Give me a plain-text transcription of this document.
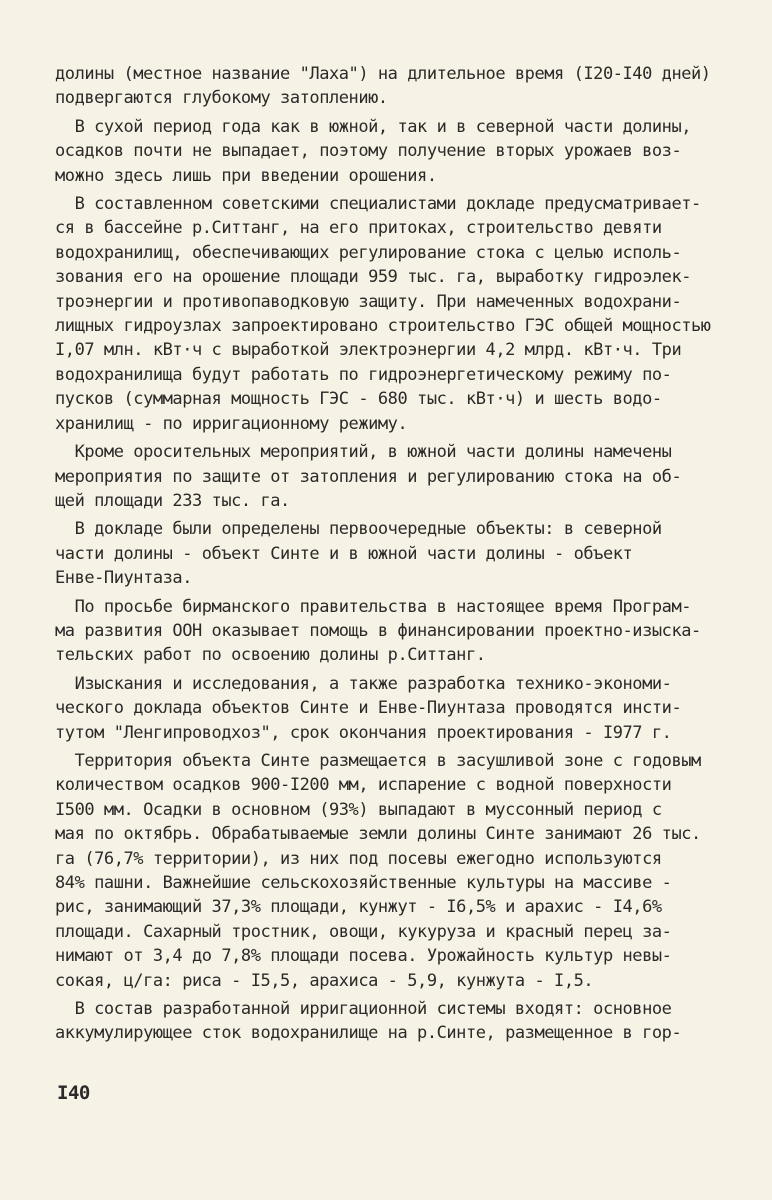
долины (местное название "Лаха") на длительное время (I20-I40 дней)
подвергаются глубокому затоплению.
В сухой период года как в южной, так и в северной части долины,
осадков почти не выпадает, поэтому получение вторых урожаев воз-
можно здесь лишь при введении орошения.
В составленном советскими специалистами докладе предусматривает-
ся в бассейне р.Ситтанг, на его притоках, строительство девяти
водохранилищ, обеспечивающих регулирование стока с целью исполь-
зования его на орошение площади 959 тыс. га, выработку гидроэлек-
троэнергии и противопаводковую защиту. При намеченных водохрани-
лищных гидроузлах запроектировано строительство ГЭС общей мощностью
I,07 млн. кВт·ч с выработкой электроэнергии 4,2 млрд. кВт·ч. Три
водохранилища будут работать по гидроэнергетическому режиму по-
пусков (суммарная мощность ГЭС - 680 тыс. кВт·ч) и шесть водо-
хранилищ - по ирригационному режиму.
Кроме оросительных мероприятий, в южной части долины намечены
мероприятия по защите от затопления и регулированию стока на об-
щей площади 233 тыс. га.
В докладе были определены первоочередные объекты: в северной
части долины - объект Синте и в южной части долины - объект
Енве-Пиунтаза.
По просьбе бирманского правительства в настоящее время Програм-
ма развития ООН оказывает помощь в финансировании проектно-изыска-
тельских работ по освоению долины р.Ситтанг.
Изыскания и исследования, а также разработка технико-экономи-
ческого доклада объектов Синте и Енве-Пиунтаза проводятся инсти-
тутом "Ленгипроводхоз", срок окончания проектирования - I977 г.
Территория объекта Синте размещается в засушливой зоне с годовым
количеством осадков 900-I200 мм, испарение с водной поверхности
I500 мм. Осадки в основном (93%) выпадают в муссонный период с
мая по октябрь. Обрабатываемые земли долины Синте занимают 26 тыс.
га (76,7% территории), из них под посевы ежегодно используются
84% пашни. Важнейшие сельскохозяйственные культуры на массиве -
рис, занимающий 37,3% площади, кунжут - I6,5% и арахис - I4,6%
площади. Сахарный тростник, овощи, кукуруза и красный перец за-
нимают от 3,4 до 7,8% площади посева. Урожайность культур невы-
сокая, ц/га: риса - I5,5, арахиса - 5,9, кунжута - I,5.
В состав разработанной ирригационной системы входят: основное
аккумулирующее сток водохранилище на р.Синте, размещенное в гор-
I40
